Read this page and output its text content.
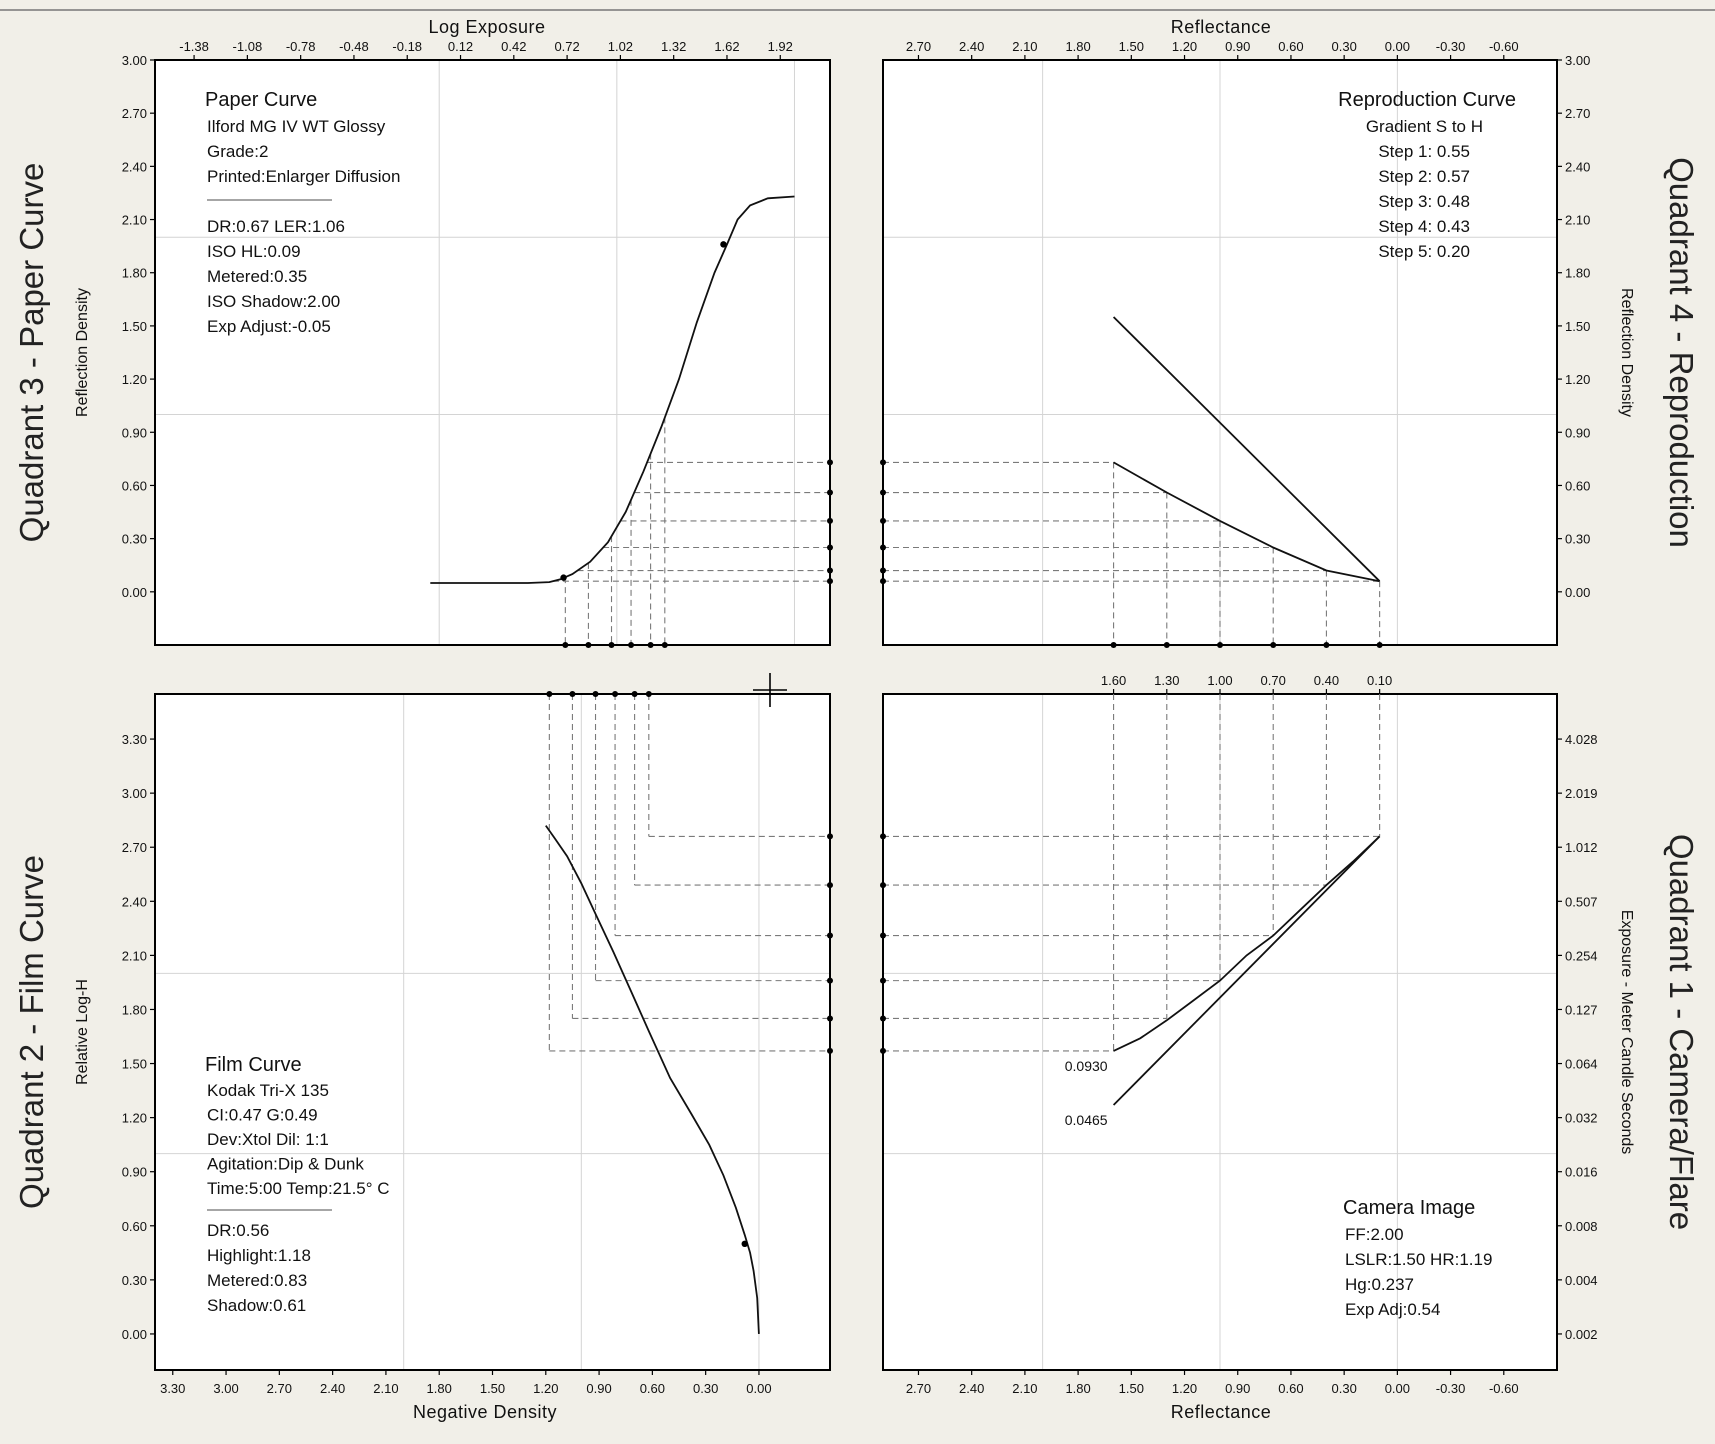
-1.38 -1.08 -0.78 -0.48 -0.18 0.12 0.42 0.72 1.02 1.32 1.62 1.92
3.00
2.70
2.40
2.10
1.80
1.50
1.20
0.90
0.60
0.30
0.00
Log Exposure
Reflection Density
Quadrant 3 - Paper Curve
Paper Curve
Ilford MG IV WT Glossy
Grade:2
Printed:Enlarger Diffusion
DR:0.67 LER:1.06
ISO HL:0.09
Metered:0.35
ISO Shadow:2.00
Exp Adjust:-0.05
2.70 2.40 2.10 1.80 1.50 1.20 0.90 0.60 0.30 0.00 -0.30 -0.60
3.00
2.70
2.40
2.10
1.80
1.50
1.20
0.90
0.60
0.30
0.00
Reflectance
Reflection Density Quadrant 4 - Reproduction
Reproduction Curve
Gradient S to H
Step 1: 0.55
Step 2: 0.57
Step 3: 0.48
Step 4: 0.43
Step 5: 0.20
3.30 3.00 2.70 2.40 2.10 1.80 1.50 1.20 0.90 0.60 0.30 0.00
3.30
3.00
2.70
2.40
2.10
1.80
1.50
1.20
0.90
0.60
0.30
0.00
Negative Density
Relative Log-H
Quadrant 2 - Film Curve	Film Curve
Kodak Tri-X 135
CI:0.47 G:0.49
Dev:Xtol Dil: 1:1
Agitation:Dip & Dunk
Time:5:00 Temp:21.5° C
DR:0.56
Highlight:1.18
Metered:0.83
Shadow:0.61
2.70 2.40 2.10 1.80 1.50 1.20 0.90 0.60 0.30 0.00 -0.30 -0.60
4.028
2.019
1.012
0.507
0.254
0.127
0.064
0.032
0.016
0.008
0.004
0.002
1.60 1.30 1.00 0.70 0.40 0.10
Reflectance
Exposure - Meter Candle Seconds Quadrant 1 - Camera/Flare
0.0930
0.0465
Camera Image
FF:2.00
LSLR:1.50 HR:1.19
Hg:0.237
Exp Adj:0.54
